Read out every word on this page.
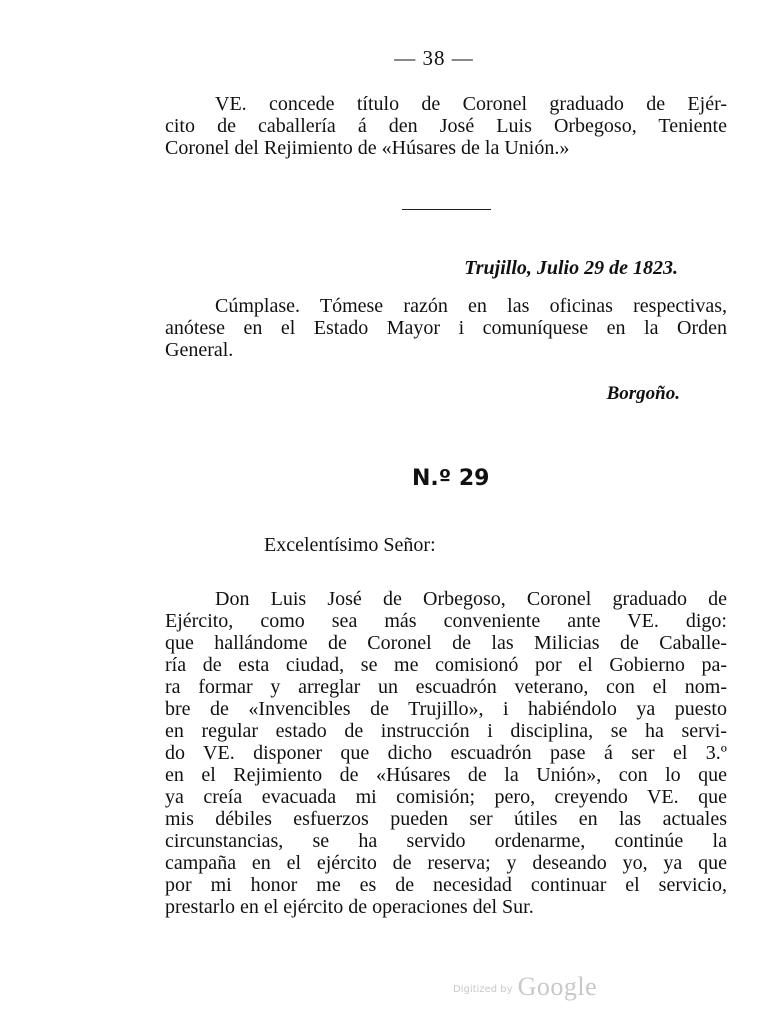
— 38 —
VE. concede título de Coronel graduado de Ejér-
cito de caballería á den José Luis Orbegoso, Teniente
Coronel del Rejimiento de «Húsares de la Unión.»
Trujillo, Julio 29 de 1823.
Cúmplase. Tómese razón en las oficinas respectivas,
anótese en el Estado Mayor i comuníquese en la Orden
General.
Borgoño.
N.º 29
Excelentísimo Señor:
Don Luis José de Orbegoso, Coronel graduado de
Ejército, como sea más conveniente ante VE. digo:
que hallándome de Coronel de las Milicias de Caballe-
ría de esta ciudad, se me comisionó por el Gobierno pa-
ra formar y arreglar un escuadrón veterano, con el nom-
bre de «Invencibles de Trujillo», i habiéndolo ya puesto
en regular estado de instrucción i disciplina, se ha servi-
do VE. disponer que dicho escuadrón pase á ser el 3.º
en el Rejimiento de «Húsares de la Unión», con lo que
ya creía evacuada mi comisión; pero, creyendo VE. que
mis débiles esfuerzos pueden ser útiles en las actuales
circunstancias, se ha servido ordenarme, continúe la
campaña en el ejército de reserva; y deseando yo, ya que
por mi honor me es de necesidad continuar el servicio,
prestarlo en el ejército de operaciones del Sur.
Digitized by Google
